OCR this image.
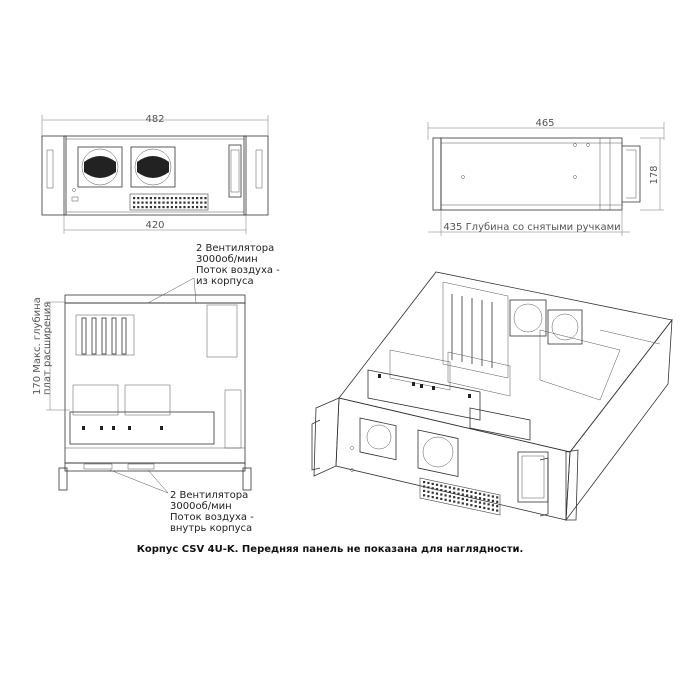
482
420
465
178
435 Глубина со снятыми ручками
170 Макс. глубина плат расширения
2 Вентилятора
3000об/мин
Поток воздуха -
из корпуса
2 Вентилятора
3000об/мин
Поток воздуха -
внутрь корпуса
Корпус CSV 4U-K. Передняя панель не показана для наглядности.
